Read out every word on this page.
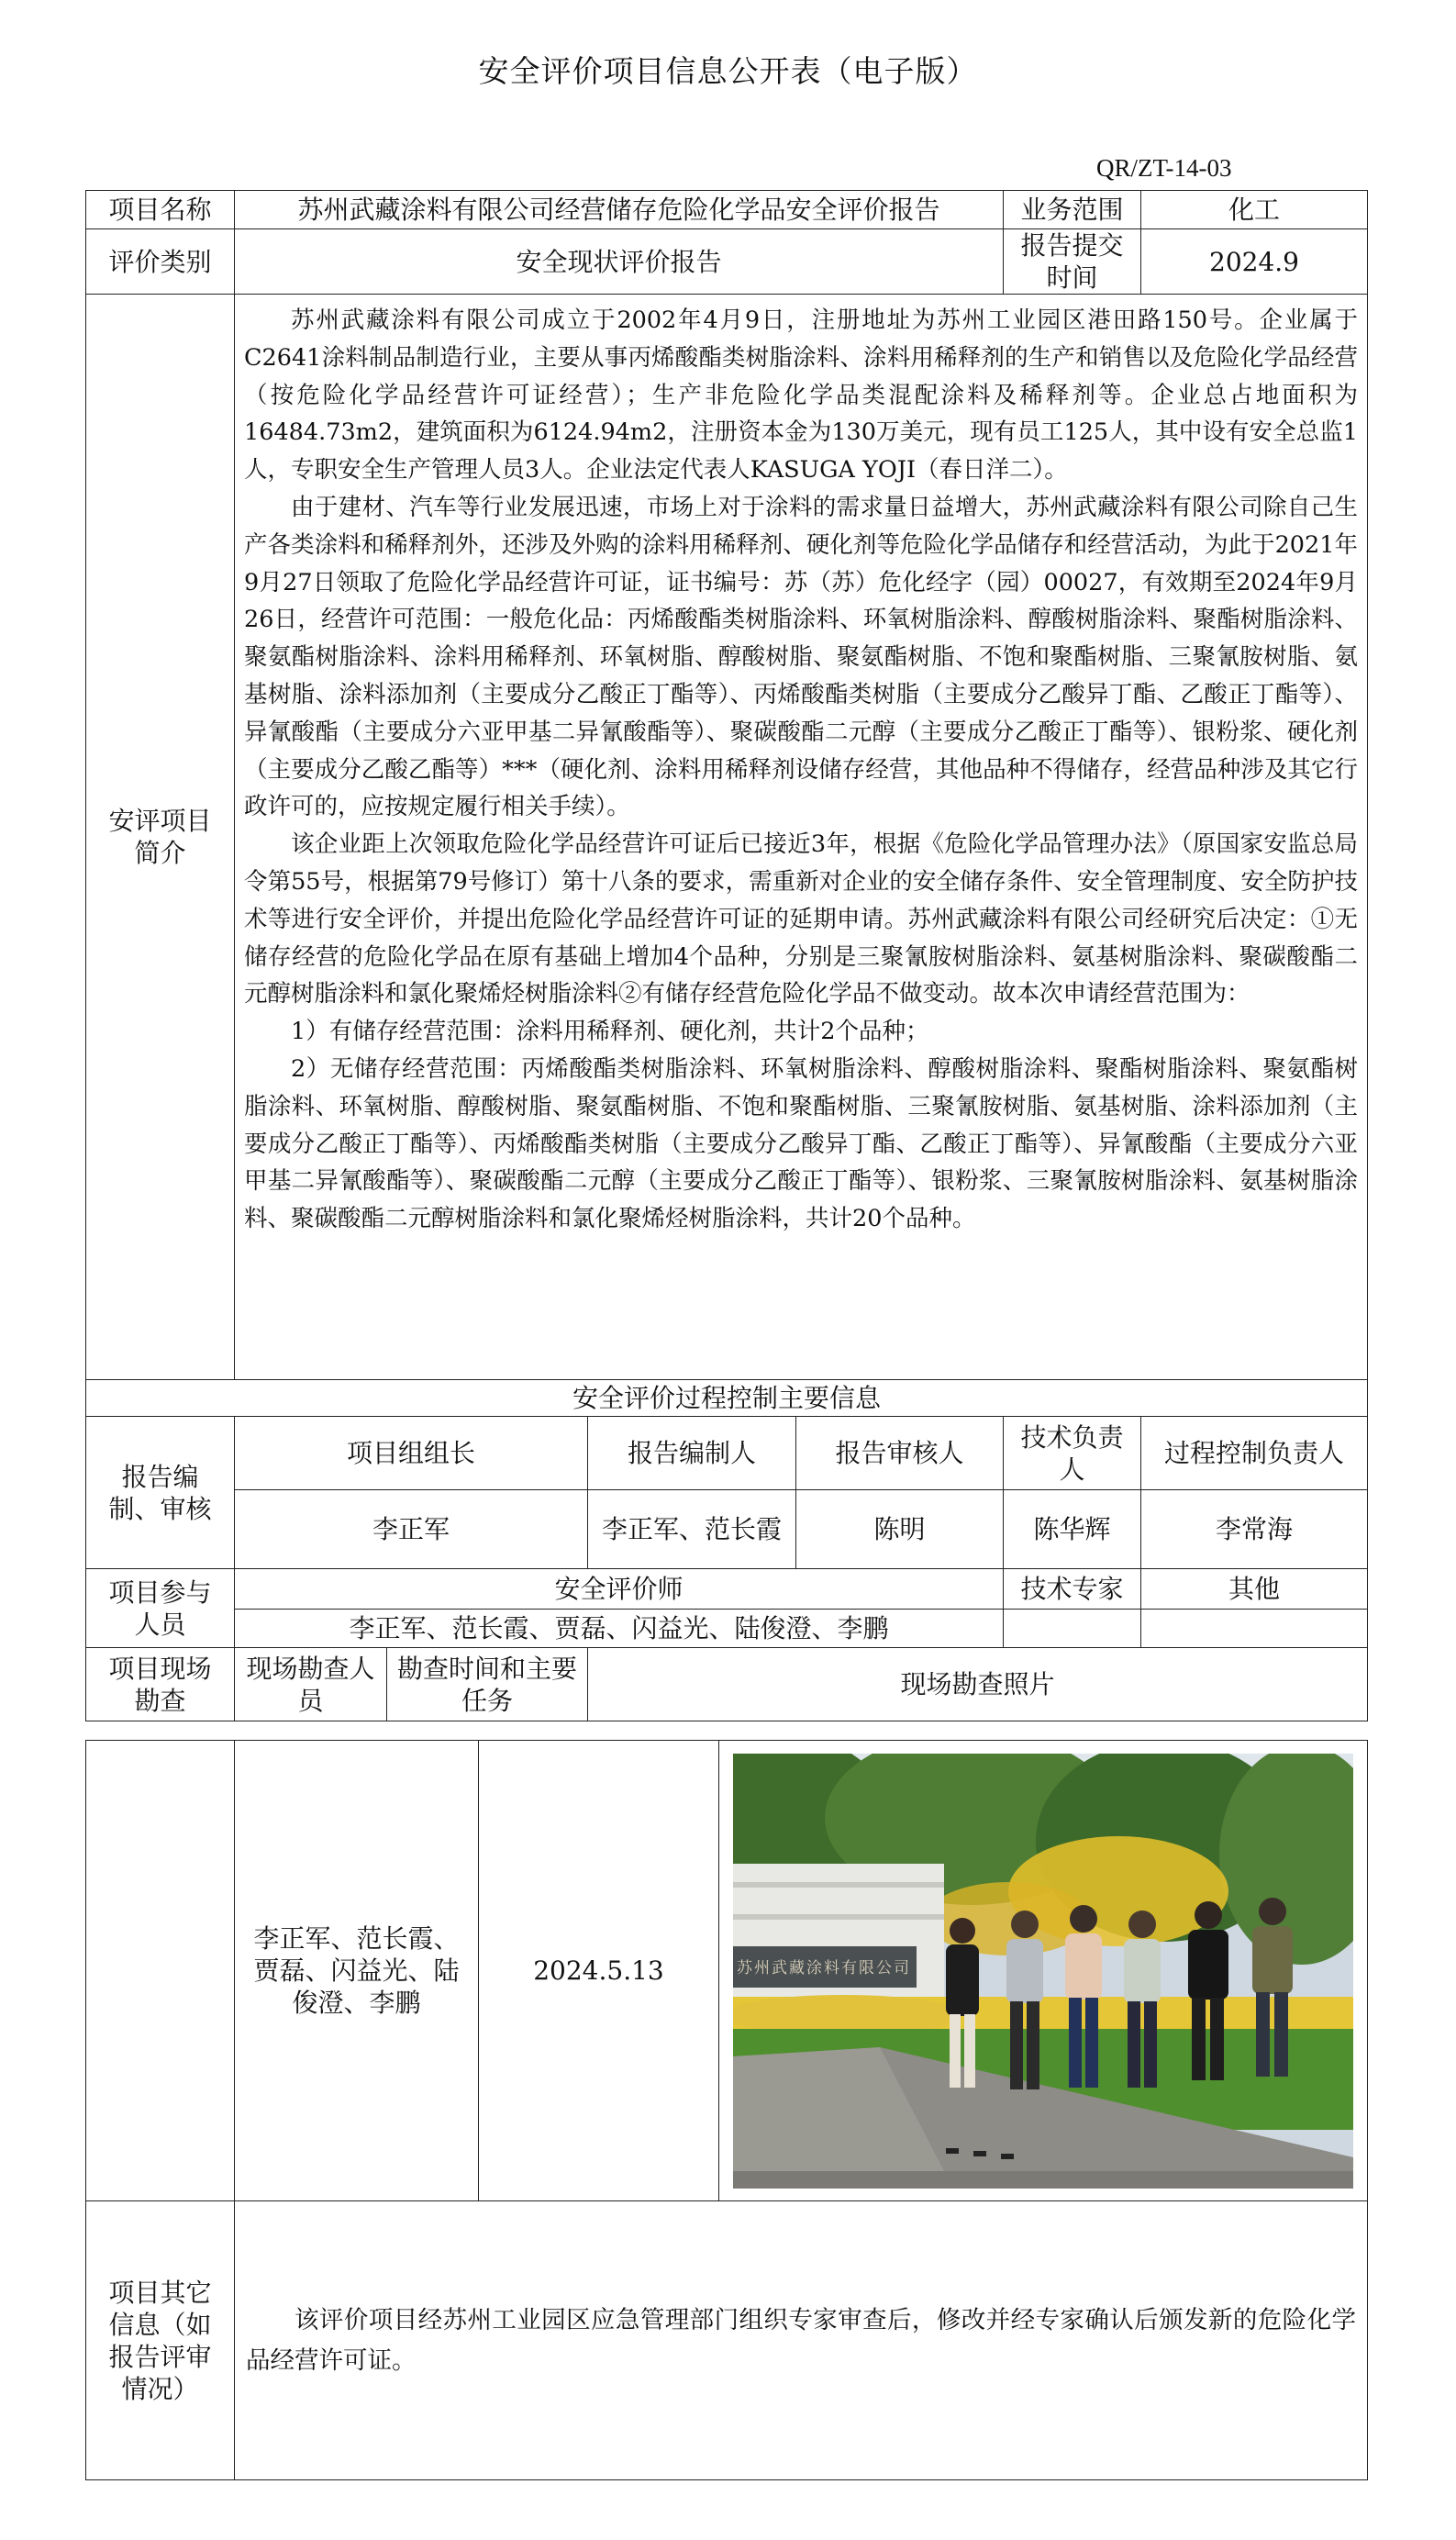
安全评价项目信息公开表（电子版）
QR/ZT-14-03
项目名称	苏州武藏涂料有限公司经营储存危险化学品安全评价报告				业务范围	化工
评价类别	安全现状评价报告				报告提交时间	2024.9
安评项目简介	苏州武藏涂料有限公司成立于2002年4月9日，注册地址为苏州工业园区港田路150号。企业属于C2641涂料制品制造行业，主要从事丙烯酸酯类树脂涂料、涂料用稀释剂的生产和销售以及危险化学品经营（按危险化学品经营许可证经营）；生产非危险化学品类混配涂料及稀释剂等。企业总占地面积为16484.73m2，建筑面积为6124.94m2，注册资本金为130万美元，现有员工125人，其中设有安全总监1人，专职安全生产管理人员3人。企业法定代表人KASUGA YOJI（春日洋二）。

由于建材、汽车等行业发展迅速，市场上对于涂料的需求量日益增大，苏州武藏涂料有限公司除自己生产各类涂料和稀释剂外，还涉及外购的涂料用稀释剂、硬化剂等危险化学品储存和经营活动，为此于2021年9月27日领取了危险化学品经营许可证，证书编号：苏（苏）危化经字（园）00027，有效期至2024年9月26日，经营许可范围：一般危化品：丙烯酸酯类树脂涂料、环氧树脂涂料、醇酸树脂涂料、聚酯树脂涂料、聚氨酯树脂涂料、涂料用稀释剂、环氧树脂、醇酸树脂、聚氨酯树脂、不饱和聚酯树脂、三聚氰胺树脂、氨基树脂、涂料添加剂（主要成分乙酸正丁酯等）、丙烯酸酯类树脂（主要成分乙酸异丁酯、乙酸正丁酯等）、异氰酸酯（主要成分六亚甲基二异氰酸酯等）、聚碳酸酯二元醇（主要成分乙酸正丁酯等）、银粉浆、硬化剂（主要成分乙酸乙酯等）***（硬化剂、涂料用稀释剂设储存经营，其他品种不得储存，经营品种涉及其它行政许可的，应按规定履行相关手续）。

该企业距上次领取危险化学品经营许可证后已接近3年，根据《危险化学品管理办法》（原国家安监总局令第55号，根据第79号修订）第十八条的要求，需重新对企业的安全储存条件、安全管理制度、安全防护技术等进行安全评价，并提出危险化学品经营许可证的延期申请。苏州武藏涂料有限公司经研究后决定：①无储存经营的危险化学品在原有基础上增加4个品种，分别是三聚氰胺树脂涂料、氨基树脂涂料、聚碳酸酯二元醇树脂涂料和氯化聚烯烃树脂涂料②有储存经营危险化学品不做变动。故本次申请经营范围为：

1）有储存经营范围：涂料用稀释剂、硬化剂，共计2个品种；

2）无储存经营范围：丙烯酸酯类树脂涂料、环氧树脂涂料、醇酸树脂涂料、聚酯树脂涂料、聚氨酯树脂涂料、环氧树脂、醇酸树脂、聚氨酯树脂、不饱和聚酯树脂、三聚氰胺树脂、氨基树脂、涂料添加剂（主要成分乙酸正丁酯等）、丙烯酸酯类树脂（主要成分乙酸异丁酯、乙酸正丁酯等）、异氰酸酯（主要成分六亚甲基二异氰酸酯等）、聚碳酸酯二元醇（主要成分乙酸正丁酯等）、银粉浆、三聚氰胺树脂涂料、氨基树脂涂料、聚碳酸酯二元醇树脂涂料和氯化聚烯烃树脂涂料，共计20个品种。					

安全评价过程控制主要信息						
报告编制、审核	项目组组长		报告编制人	报告审核人	技术负责人	过程控制负责人
	李正军		李正军、范长霞	陈明	陈华辉	李常海
项目参与人员	安全评价师				技术专家	其他
	李正军、范长霞、贾磊、闪益光、陆俊澄、李鹏					
项目现场勘查	现场勘查人员	勘查时间和主要任务	现场勘查照片			
	李正军、范长霞、贾磊、闪益光、陆俊澄、李鹏	2024.5.13	苏州武藏涂料有限公司

项目其它信息（如报告评审情况）	该评价项目经苏州工业园区应急管理部门组织专家审查后，修改并经专家确认后颁发新的危险化学品经营许可证。		
